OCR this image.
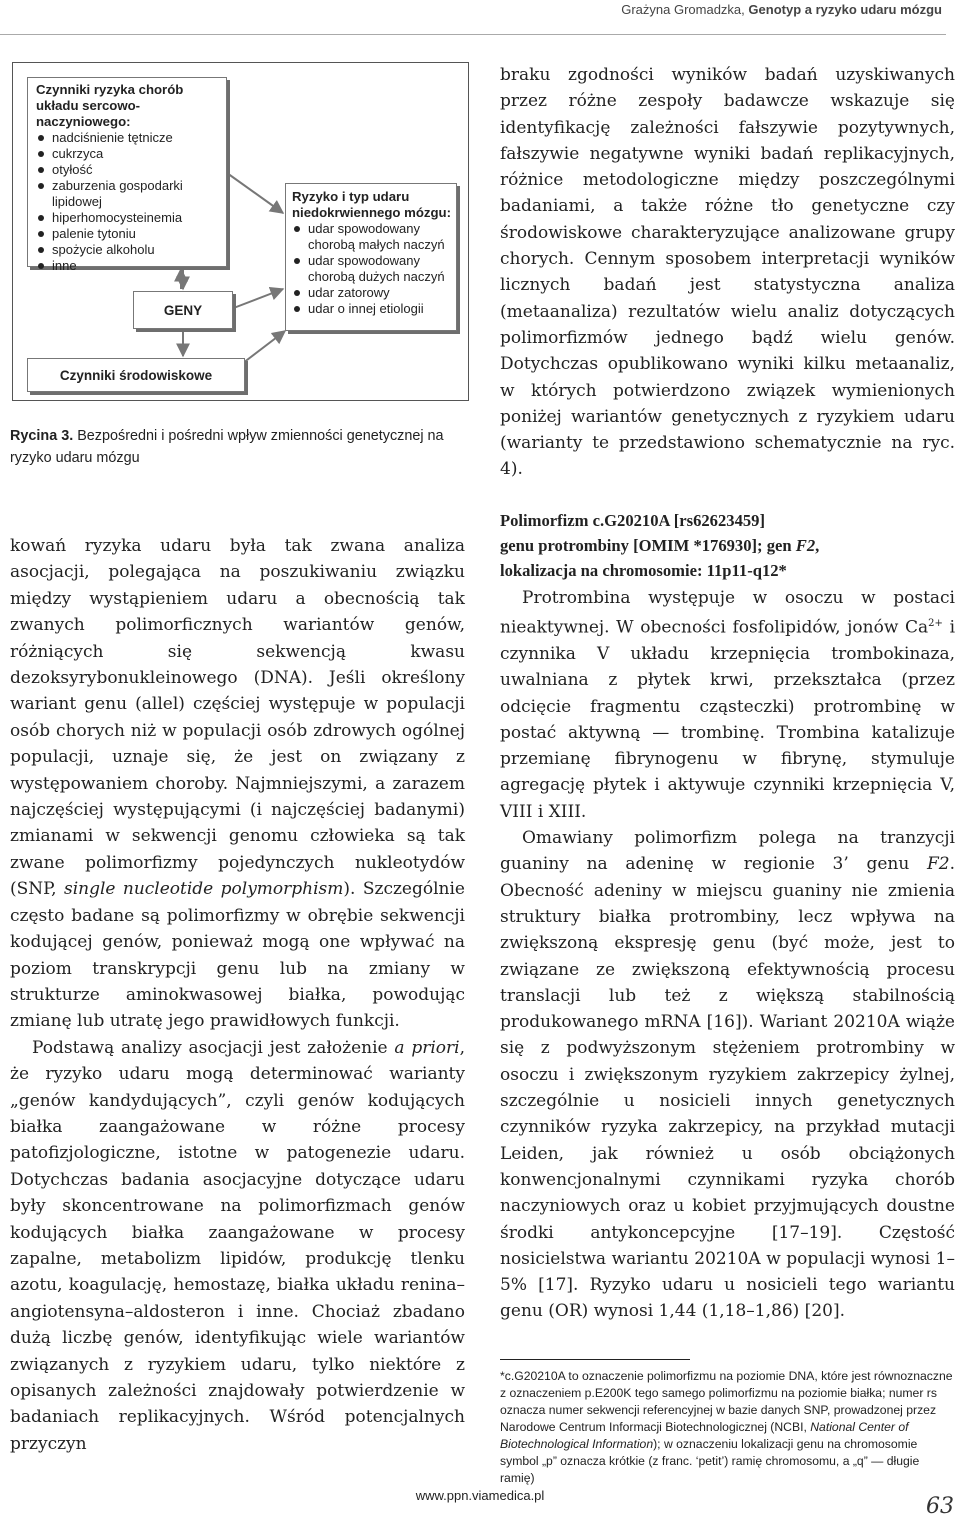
Grażyna Gromadzka, Genotyp a ryzyko udaru mózgu
Czynniki ryzyka chorób układu sercowo-naczyniowego:
nadciśnienie tętnicze
cukrzyca
otyłość
zaburzenia gospodarki lipidowej
hiperhomocysteinemia
palenie tytoniu
spożycie alkoholu
inne
GENY
Ryzyko i typ udaru niedokrwiennego mózgu:
udar spowodowany chorobą małych naczyń
udar spowodowany chorobą dużych naczyń
udar zatorowy
udar o innej etiologii
Czynniki środowiskowe
Rycina 3. Bezpośredni i pośredni wpływ zmienności genetycznej na ryzyko udaru mózgu

kowań ryzyka udaru była tak zwana analiza asocjacji, polegająca na poszukiwaniu związku między wystąpieniem udaru a obecnością tak zwanych polimorficznych wariantów genów, różniących się sekwencją kwasu dezoksyrybonukleinowego (DNA). Jeśli określony wariant genu (allel) częściej występuje w populacji osób chorych niż w populacji osób zdrowych ogólnej populacji, uznaje się, że jest on związany z występowaniem choroby. Najmniejszymi, a zarazem najczęściej występującymi (i najczęściej badanymi) zmianami w sekwencji genomu człowieka są tak zwane polimorfizmy pojedynczych nukleotydów (SNP, single nucleotide polymorphism). Szczególnie często badane są polimorfizmy w obrębie sekwencji kodującej genów, ponieważ mogą one wpływać na poziom transkrypcji genu lub na zmiany w strukturze aminokwasowej białka, powodując zmianę lub utratę jego prawidłowych funkcji.

Podstawą analizy asocjacji jest założenie a priori, że ryzyko udaru mogą determinować warianty „genów kandydujących”, czyli genów kodujących białka zaangażowane w różne procesy patofizjologiczne, istotne w patogenezie udaru. Dotychczas badania asocjacyjne dotyczące udaru były skoncentrowane na polimorfizmach genów kodujących białka zaangażowane w procesy zapalne, metabolizm lipidów, produkcję tlenku azotu, koagulację, hemostazę, białka układu renina–angiotensyna–aldosteron i inne. Chociaż zbadano dużą liczbę genów, identyfikując wiele wariantów związanych z ryzykiem udaru, tylko niektóre z opisanych zależności znajdowały potwierdzenie w badaniach replikacyjnych. Wśród potencjalnych przyczyn

braku zgodności wyników badań uzyskiwanych przez różne zespoły badawcze wskazuje się identyfikację zależności fałszywie pozytywnych, fałszywie negatywne wyniki badań replikacyjnych, różnice metodologiczne między poszczególnymi badaniami, a także różne tło genetyczne czy środowiskowe charakteryzujące analizowane grupy chorych. Cennym sposobem interpretacji wyników licznych badań jest statystyczna analiza (metaanaliza) rezultatów wielu analiz dotyczących polimorfizmów jednego bądź wielu genów. Dotychczas opublikowano wyniki kilku metaanaliz, w których potwierdzono związek wymienionych poniżej wariantów genetycznych z ryzykiem udaru (warianty te przedstawiono schematycznie na ryc. 4).

Polimorfizm c.G20210A [rs62623459]
genu protrombiny [OMIM *176930]; gen F2,
lokalizacja na chromosomie: 11p11-q12*

Protrombina występuje w osoczu w postaci nieaktywnej. W obecności fosfolipidów, jonów $Ca^{2+}$ i czynnika V układu krzepnięcia trombokinaza, uwalniana z płytek krwi, przekształca (przez odcięcie fragmentu cząsteczki) protrombinę w postać aktywną — trombinę. Trombina katalizuje przemianę fibrynogenu w fibrynę, stymuluje agregację płytek i aktywuje czynniki krzepnięcia V, VIII i XIII.

Omawiany polimorfizm polega na tranzycji guaniny na adeninę w regionie 3’ genu F2. Obecność adeniny w miejscu guaniny nie zmienia struktury białka protrombiny, lecz wpływa na zwiększoną ekspresję genu (być może, jest to związane ze zwiększoną efektywnością procesu translacji lub też z większą stabilnością produkowanego mRNA [16]). Wariant 20210A wiąże się z podwyższonym stężeniem protrombiny w osoczu i zwiększonym ryzykiem zakrzepicy żylnej, szczególnie u nosicieli innych genetycznych czynników ryzyka zakrzepicy, na przykład mutacji Leiden, jak również u osób obciążonych konwencjonalnymi czynnikami ryzyka chorób naczyniowych oraz u kobiet przyjmujących doustne środki antykoncepcyjne [17–19]. Częstość nosicielstwa wariantu 20210A w populacji wynosi 1–5% [17]. Ryzyko udaru u nosicieli tego wariantu genu (OR) wynosi 1,44 (1,18–1,86) [20].

*c.G20210A to oznaczenie polimorfizmu na poziomie DNA, które jest równoznaczne z oznaczeniem p.E200K tego samego polimorfizmu na poziomie białka; numer rs oznacza numer sekwencji referencyjnej w bazie danych SNP, prowadzonej przez Narodowe Centrum Informacji Biotechnologicznej (NCBI, National Center of Biotechnological Information); w oznaczeniu lokalizacji genu na chromosomie symbol „p” oznacza krótkie (z franc. ‘petit’) ramię chromosomu, a „q” — długie ramię)

www.ppn.viamedica.pl	63
